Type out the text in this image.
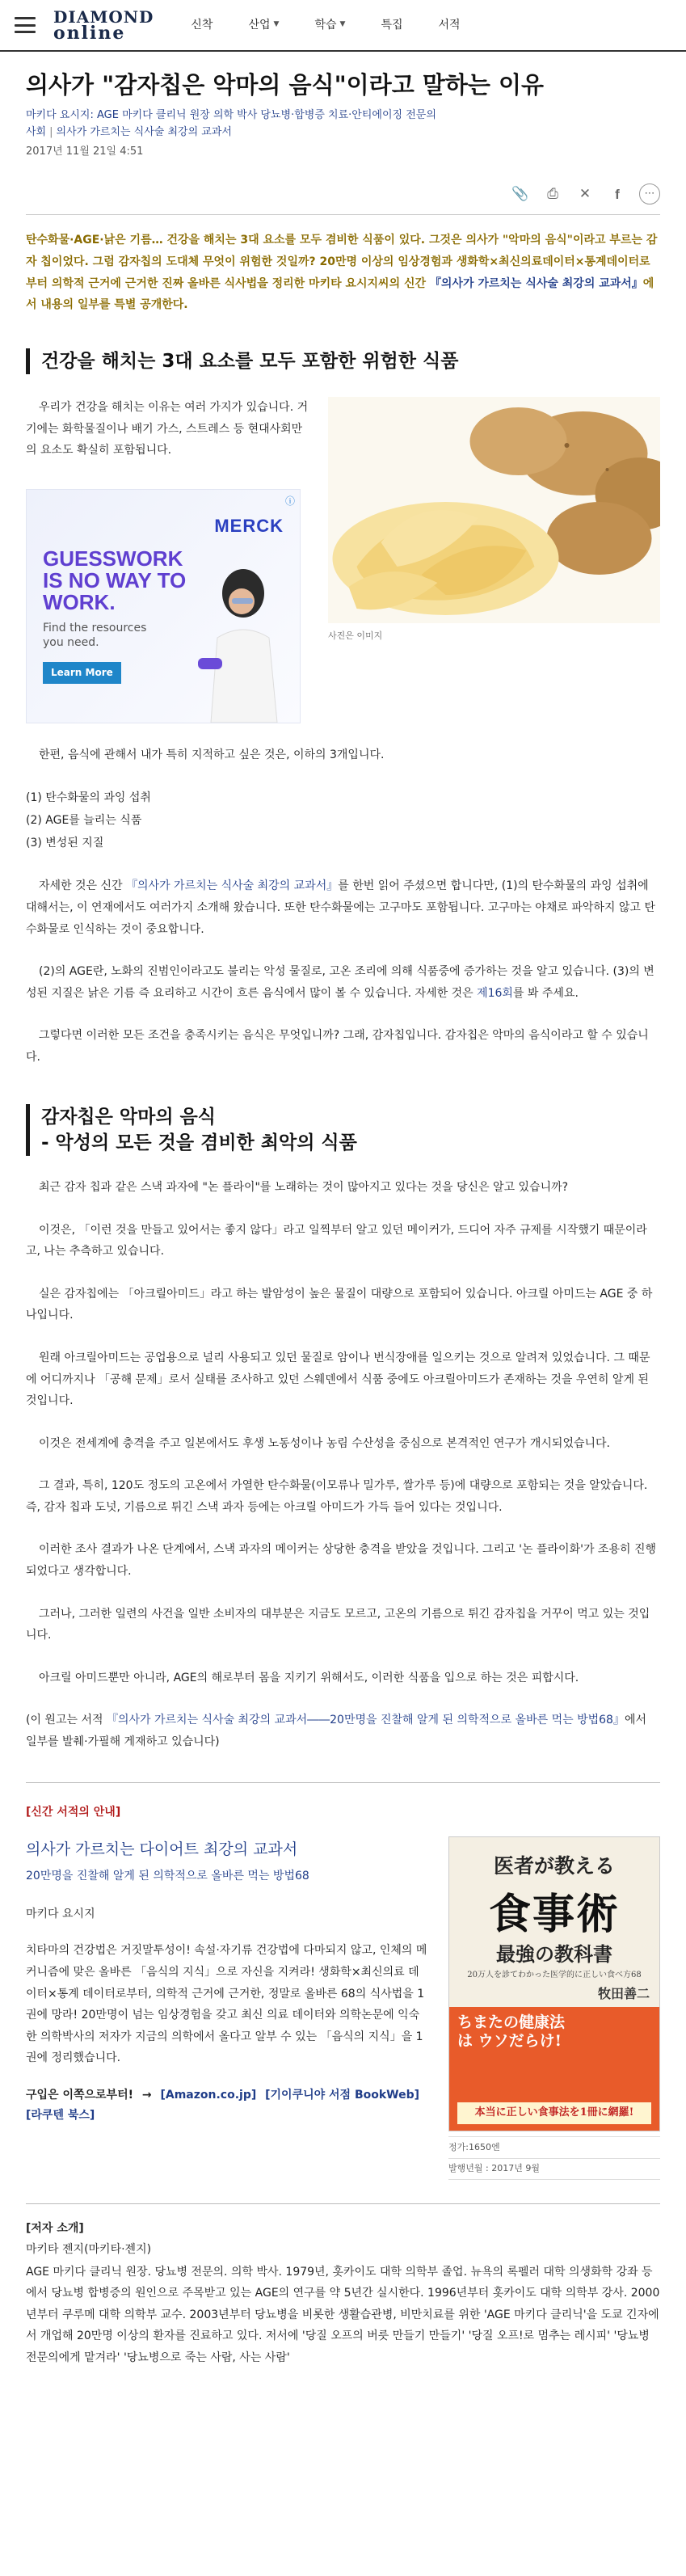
DIAMOND
online	신착	산업 ▼	학습 ▼	특집	서적
의사가 "감자칩은 악마의 음식"이라고 말하는 이유
마키다 요시지: AGE 마키다 클리닉 원장 의학 박사 당뇨병·합병증 치료·안티에이징 전문의
사회 | 의사가 가르치는 식사술 최강의 교과서
2017년 11월 21일 4:51
📎	⎙	✕	f	⋯

탄수화물·AGE·낡은 기름… 건강을 해치는 3대 요소를 모두 겸비한 식품이 있다. 그것은 의사가 "악마의 음식"이라고 부르는 감자 칩이었다. 그럼 감자칩의 도대체 무엇이 위험한 것일까? 20만명 이상의 임상경험과 생화학×최신의료데이터×통계데이터로부터 의학적 근거에 근거한 진짜 올바른 식사법을 정리한 마키타 요시지씨의 신간 『의사가 가르치는 식사술 최강의 교과서』에서 내용의 일부를 특별 공개한다.

건강을 해치는 3대 요소를 모두 포함한 위험한 식품

우리가 건강을 해치는 이유는 여러 가지가 있습니다. 거기에는 화학물질이나 배기 가스, 스트레스 등 현대사회만의 요소도 확실히 포함됩니다.

ⓘ
MERCK
GUESSWORK IS NO WAY TO WORK.
Find the resources you need.
Learn More
사진은 이미지

한편, 음식에 관해서 내가 특히 지적하고 싶은 것은, 이하의 3개입니다.

(1) 탄수화물의 과잉 섭취
(2) AGE를 늘리는 식품
(3) 변성된 지질

자세한 것은 신간 『의사가 가르치는 식사술 최강의 교과서』를 한번 읽어 주셨으면 합니다만, (1)의 탄수화물의 과잉 섭취에 대해서는, 이 연재에서도 여러가지 소개해 왔습니다. 또한 탄수화물에는 고구마도 포함됩니다. 고구마는 야채로 파악하지 않고 탄수화물로 인식하는 것이 중요합니다.

(2)의 AGE란, 노화의 진범인이라고도 불리는 악성 물질로, 고온 조리에 의해 식품중에 증가하는 것을 알고 있습니다. (3)의 변성된 지질은 낡은 기름 즉 요리하고 시간이 흐른 음식에서 많이 볼 수 있습니다. 자세한 것은 제16회를 봐 주세요.

그렇다면 이러한 모든 조건을 충족시키는 음식은 무엇입니까? 그래, 감자칩입니다. 감자칩은 악마의 음식이라고 할 수 있습니다.

감자칩은 악마의 음식
- 악성의 모든 것을 겸비한 최악의 식품

최근 감자 칩과 같은 스낵 과자에 "논 플라이"를 노래하는 것이 많아지고 있다는 것을 당신은 알고 있습니까?

이것은, 「이런 것을 만들고 있어서는 좋지 않다」라고 일찍부터 알고 있던 메이커가, 드디어 자주 규제를 시작했기 때문이라고, 나는 추측하고 있습니다.

실은 감자칩에는 「아크릴아미드」라고 하는 발암성이 높은 물질이 대량으로 포함되어 있습니다. 아크릴 아미드는 AGE 중 하나입니다.

원래 아크릴아미드는 공업용으로 널리 사용되고 있던 물질로 암이나 번식장애를 일으키는 것으로 알려져 있었습니다. 그 때문에 어디까지나 「공해 문제」로서 실태를 조사하고 있던 스웨덴에서 식품 중에도 아크릴아미드가 존재하는 것을 우연히 알게 된 것입니다.

이것은 전세계에 충격을 주고 일본에서도 후생 노동성이나 농림 수산성을 중심으로 본격적인 연구가 개시되었습니다.

그 결과, 특히, 120도 정도의 고온에서 가열한 탄수화물(이모류나 밀가루, 쌀가루 등)에 대량으로 포함되는 것을 알았습니다. 즉, 감자 칩과 도넛, 기름으로 튀긴 스낵 과자 등에는 아크릴 아미드가 가득 들어 있다는 것입니다.

이러한 조사 결과가 나온 단계에서, 스낵 과자의 메이커는 상당한 충격을 받았을 것입니다. 그리고 '논 플라이화'가 조용히 진행되었다고 생각합니다.

그러나, 그러한 일련의 사건을 일반 소비자의 대부분은 지금도 모르고, 고온의 기름으로 튀긴 감자칩을 거꾸이 먹고 있는 것입니다.

아크릴 아미드뿐만 아니라, AGE의 해로부터 몸을 지키기 위해서도, 이러한 식품을 입으로 하는 것은 피합시다.

(이 원고는 서적 『의사가 가르치는 식사술 최강의 교과서――20만명을 진찰해 알게 된 의학적으로 올바른 먹는 방법68』에서 일부를 발췌·가필해 게재하고 있습니다)

[신간 서적의 안내]
의사가 가르치는 다이어트 최강의 교과서
20만명을 진찰해 알게 된 의학적으로 올바른 먹는 방법68
마키다 요시지
치타마의 건강법은 거짓말투성이! 속설·자기류 건강법에 다마되지 않고, 인체의 메커니즘에 맞은 올바른 「음식의 지식」으로 자신을 지켜라! 생화학×최신의료 데이터×통계 데이터로부터, 의학적 근거에 근거한, 정말로 올바른 68의 식사법을 1권에 망라! 20만명이 넘는 임상경험을 갖고 최신 의료 데이터와 의학논문에 익숙한 의학박사의 저자가 지금의 의학에서 올다고 알부 수 있는 「음식의 지식」을 1권에 정리했습니다.
구입은 이쪽으로부터! → [Amazon.co.jp] [기이쿠니야 서점 BookWeb] [라쿠텐 북스]
医者が教える
食事術
最強の教科書
20万人を診てわかった医学的に正しい食べ方68
牧田善二
ちまたの健康法は ウソだらけ!
本当に正しい食事法を1冊に網羅!
정가:1650엔
발행년월 : 2017년 9월
[저자 소개]
마키타 젠지(마키타·젠지)
AGE 마키다 클리닉 원장. 당뇨병 전문의. 의학 박사. 1979년, 홋카이도 대학 의학부 졸업. 뉴욕의 록펠러 대학 의생화학 강좌 등에서 당뇨병 합병증의 원인으로 주목받고 있는 AGE의 연구를 약 5년간 실시한다. 1996년부터 홋카이도 대학 의학부 강사. 2000년부터 쿠루메 대학 의학부 교수. 2003년부터 당뇨병을 비롯한 생활습관병, 비만치료를 위한 'AGE 마키다 클리닉'을 도쿄 긴자에서 개업해 20만명 이상의 환자를 진료하고 있다. 저서에 '당질 오프의 버릇 만들기 만들기' '당질 오프!로 멈추는 레시피' '당뇨병 전문의에게 맡겨라' '당뇨병으로 죽는 사람, 사는 사람'
